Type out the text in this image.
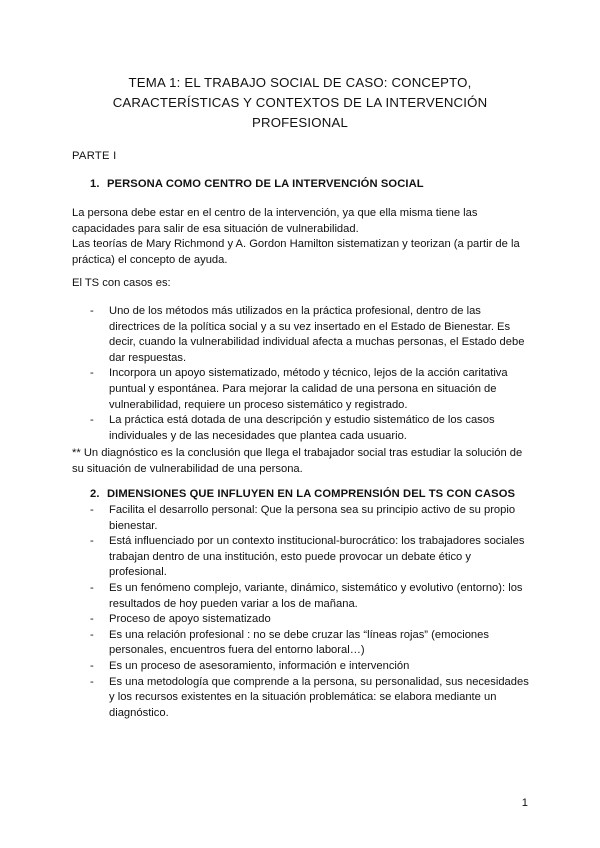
TEMA 1: EL TRABAJO SOCIAL DE CASO: CONCEPTO,
CARACTERÍSTICAS Y CONTEXTOS DE LA INTERVENCIÓN
PROFESIONAL
PARTE I
1. PERSONA COMO CENTRO DE LA INTERVENCIÓN SOCIAL
La persona debe estar en el centro de la intervención, ya que ella misma tiene las
capacidades para salir de esa situación de vulnerabilidad.
Las teorías de Mary Richmond y A. Gordon Hamilton sistematizan y teorizan (a partir de la
práctica) el concepto de ayuda.
El TS con casos es:
- Uno de los métodos más utilizados en la práctica profesional, dentro de las
directrices de la política social y a su vez insertado en el Estado de Bienestar. Es
decir, cuando la vulnerabilidad individual afecta a muchas personas, el Estado debe
dar respuestas.
- Incorpora un apoyo sistematizado, método y técnico, lejos de la acción caritativa
puntual y espontánea. Para mejorar la calidad de una persona en situación de
vulnerabilidad, requiere un proceso sistemático y registrado.
- La práctica está dotada de una descripción y estudio sistemático de los casos
individuales y de las necesidades que plantea cada usuario.
** Un diagnóstico es la conclusión que llega el trabajador social tras estudiar la solución de
su situación de vulnerabilidad de una persona.
2. DIMENSIONES QUE INFLUYEN EN LA COMPRENSIÓN DEL TS CON CASOS
- Facilita el desarrollo personal: Que la persona sea su principio activo de su propio
bienestar.
- Está influenciado por un contexto institucional-burocrático: los trabajadores sociales
trabajan dentro de una institución, esto puede provocar un debate ético y
profesional.
- Es un fenómeno complejo, variante, dinámico, sistemático y evolutivo (entorno): los
resultados de hoy pueden variar a los de mañana.
- Proceso de apoyo sistematizado
- Es una relación profesional : no se debe cruzar las “líneas rojas” (emociones
personales, encuentros fuera del entorno laboral…)
- Es un proceso de asesoramiento, información e intervención
- Es una metodología que comprende a la persona, su personalidad, sus necesidades
y los recursos existentes en la situación problemática: se elabora mediante un
diagnóstico.
1
